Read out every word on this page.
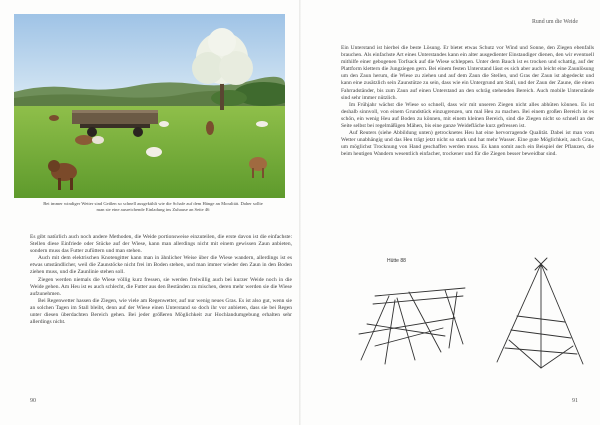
Bei immer windiger Wetter sind Geißen so schnell ausgekühlt wie die Schafe auf dem Hänge an Moralität. Daher sollte man sie eine ausreichende Einladung ins Zuhause an Seite 46

Es gibt natürlich auch noch andere Methoden, die Weide portionsweise einzuteilen, die erste davon ist die einfachste: Stellen diese Einfriede oder Stücke auf der Wiese, kann man allerdings nicht mit einem gewissen Zaun anbieten, sondern muss das Futter zufüttern und man stehen.

Auch mit dem elektrischen Knotengitter kann man in ähnlicher Weise über die Wiese wandern, allerdings ist es etwas umständlicher, weil die Zaunstöcke nicht frei im Boden stehen, und man immer wieder den Zaun in den Boden ziehen muss, und die Zaunlinie stehen soll.

Ziegen werden niemals die Wiese völlig kurz fressen, sie werden freiwillig auch bei kurzer Weide noch in die Weide gehen. Am Heu ist es auch schlecht, die Futter aus den Beständen zu mischen, deren mehr werden sie die Wiese aufzunehmen.

Bei Regenwetter hassen die Ziegen, wie viele am Regenwetter, auf nur wenig neues Gras. Es ist also gut, wenn sie an solchen Tagen im Stall bleibt, denn auf der Wiese einen Unterstand so doch ihr vor anbieten, dass sie bei Regen unter diesen überdachten Bereich gehen. Bei jeder größeren Möglichkeit zur Hochlandumgebung erhalten sehr allerdings nicht.

90
Rund um die Weide

Ein Unterstand ist hierbei die beste Lösung. Er bietet etwas Schutz vor Wind und Sonne, den Ziegen ebenfalls brauchen. Als einfachste Art eines Unterstandes kann ein alter ausgedienter Einstaudiger dienen, den wir eventuell mithilfe einer gebogenen Torfsack auf die Wiese schleppen. Unter dem Bauch ist es trocken und schattig, auf der Plattform klettern die Jungziegen gern. Bei einem festen Unterstand lässt es sich aber auch leicht eine Zaunlösung um den Zaun herum, die Wiese zu ziehen und auf dem Zaun die Stellen, und Gras der Zaun ist abgedeckt und kann eine zusätzlich sein Zaunstütze zu sein, dass wie ein Untergrund am Stall, und der Zaun der Zaune, die einen Fahrradständer, bis zum Zaun auf einen Unterstand an den schräg stehenden Bereich. Auch mobile Unterstände sind sehr immer nützlich.

Im Frühjahr wächst die Wiese so schnell, dass wir mit unseren Ziegen nicht alles abhüten können. Es ist deshalb sinnvoll, von einem Grundstück einzugrenzen, um mal Heu zu machen. Bei einem großen Bereich ist es schön, ein wenig Heu auf Boden zu können, mit einem kleinen Bereich, sind die Ziegen nicht so schnell an der Seite selbst bei regelmäßigen Mähen, bis eine ganze Weidefläche kurz gefressen ist.

Auf Reuters (siehe Abbildung unten) getrocknetes Heu hat eine hervorragende Qualität. Dabei ist man vom Wetter unabhängig und das Heu trägt jetzt nicht so stark und hat mehr Wasser. Eine gute Möglichkeit, auch Gras, um möglichst Trocknung von Hand geschaffen werden muss. Es kann somit auch ein Beispiel der Pflanzen, die beim heutigen Wandern wesentlich einfacher, trockener und für die Ziegen besser beweidbar sind.

Hütte 88
91
